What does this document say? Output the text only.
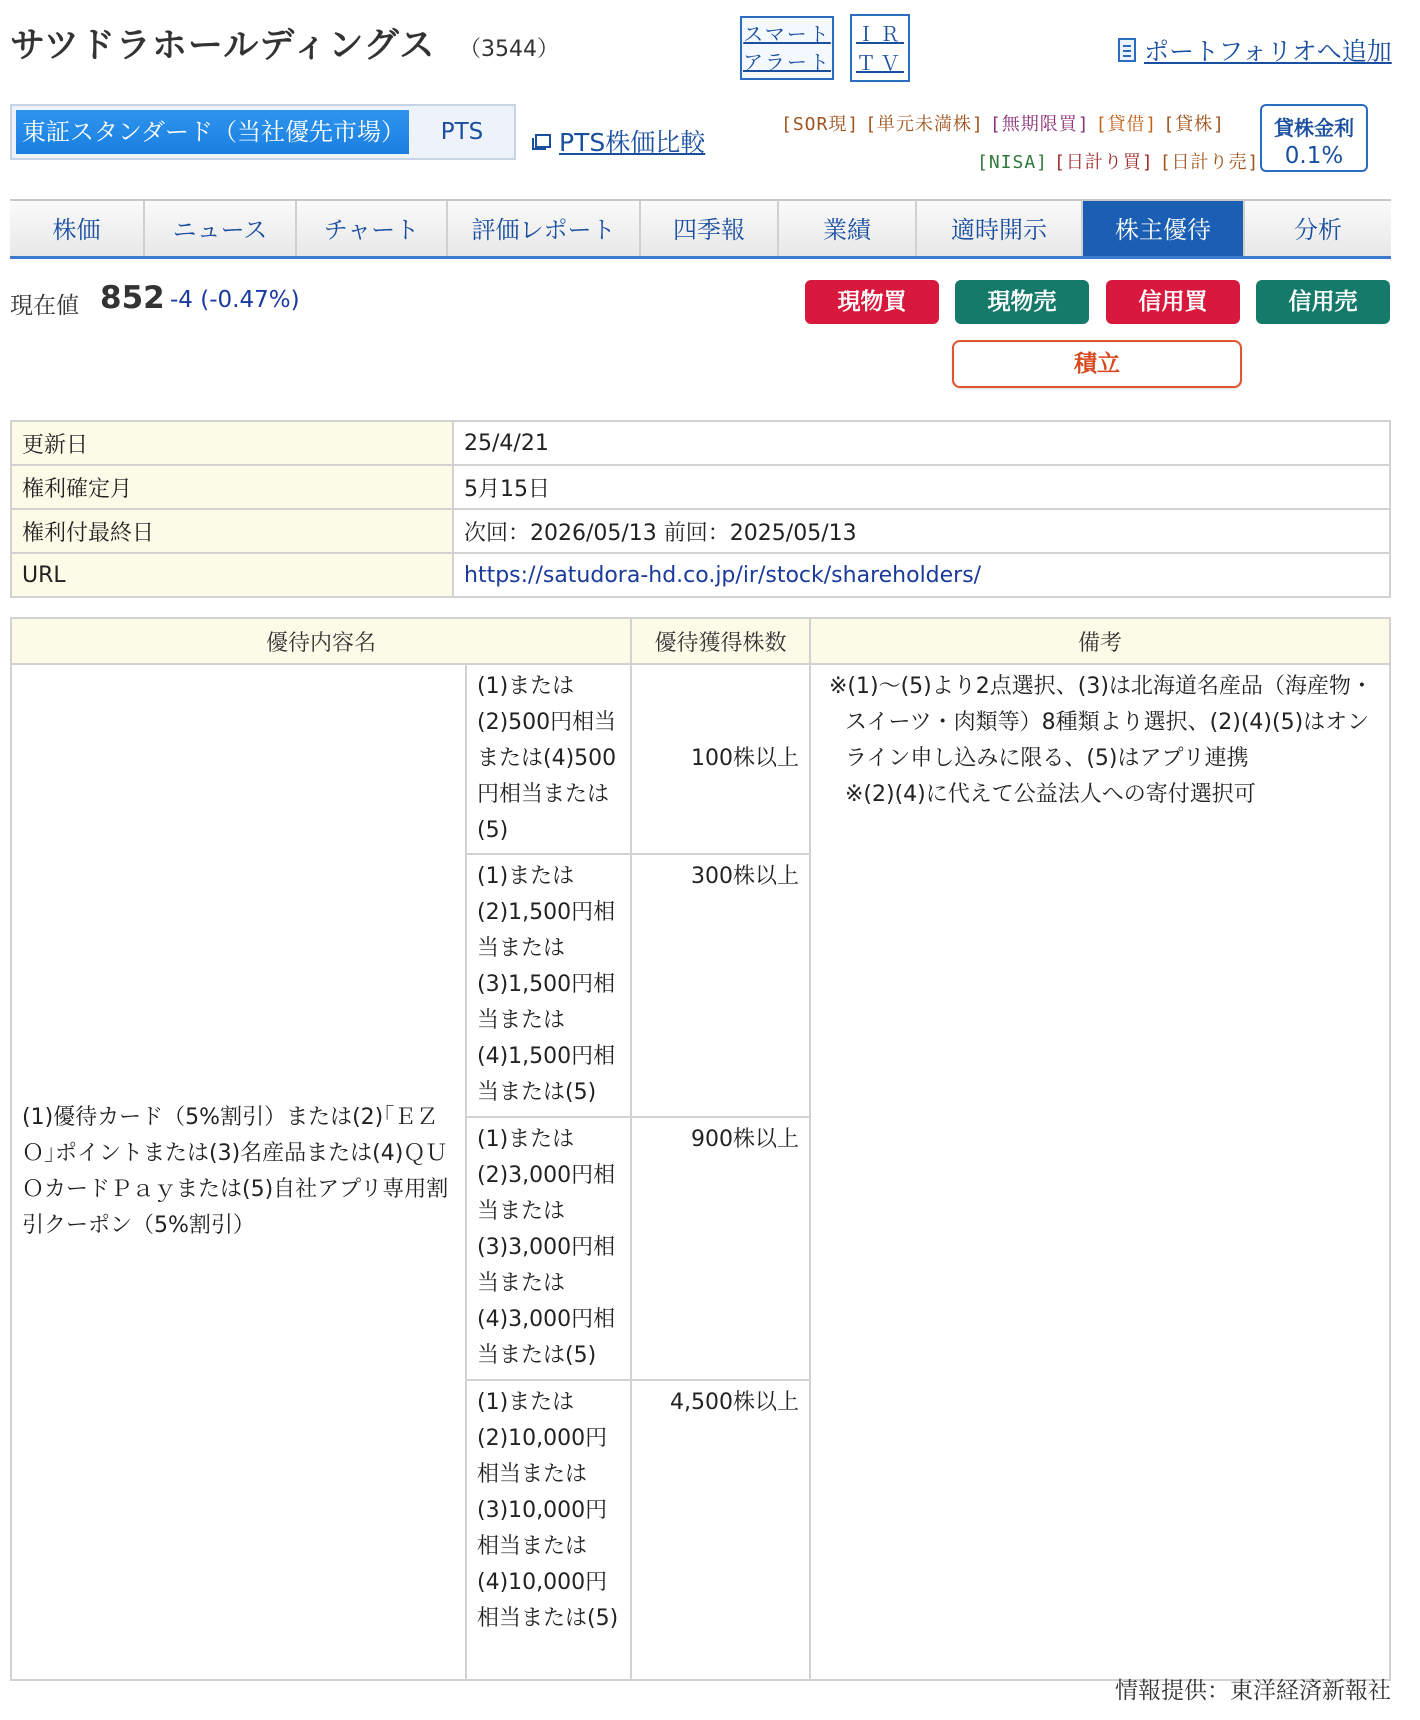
サツドラホールディングス （3544）
スマート
アラート
ＩＲ
ＴＶ	ポートフォリオへ追加
東証スタンダード（当社優先市場）	PTS	PTS株価比較
[SOR現] [単元未満株] [無期限買] [貸借] [貸株]
[NISA] [日計り買] [日計り売]
貸株金利
0.1%
株価	ニュース	チャート	評価レポート	四季報	業績	適時開示	株主優待	分析
現在値 852 -4 (-0.47%)	現物買	現物売	信用買	信用売
積立
更新日	25/4/21
権利確定月	5月15日
権利付最終日	次回：2026/05/13 前回：2025/05/13
URL	https://satudora-hd.co.jp/ir/stock/shareholders/
優待内容名		優待獲得株数	備考
(1)優待カード（5%割引）または(2)｢ＥＺＯ｣ポイントまたは(3)名産品または(4)ＱＵＯカードＰａｙまたは(5)自社アプリ専用割引クーポン（5%割引）	(1)または(2)500円相当または(4)500円相当または(5)	100株以上	※(1)〜(5)より2点選択、(3)は北海道名産品（海産物・スイーツ・肉類等）8種類より選択、(2)(4)(5)はオンライン申し込みに限る、(5)はアプリ連携
※(2)(4)に代えて公益法人への寄付選択可

	(1)または(2)1,500円相当または(3)1,500円相当または(4)1,500円相当または(5)	300株以上	
	(1)または(2)3,000円相当または(3)3,000円相当または(4)3,000円相当または(5)	900株以上	
	(1)または(2)10,000円相当または(3)10,000円相当または(4)10,000円相当または(5)	4,500株以上	
情報提供：東洋経済新報社
